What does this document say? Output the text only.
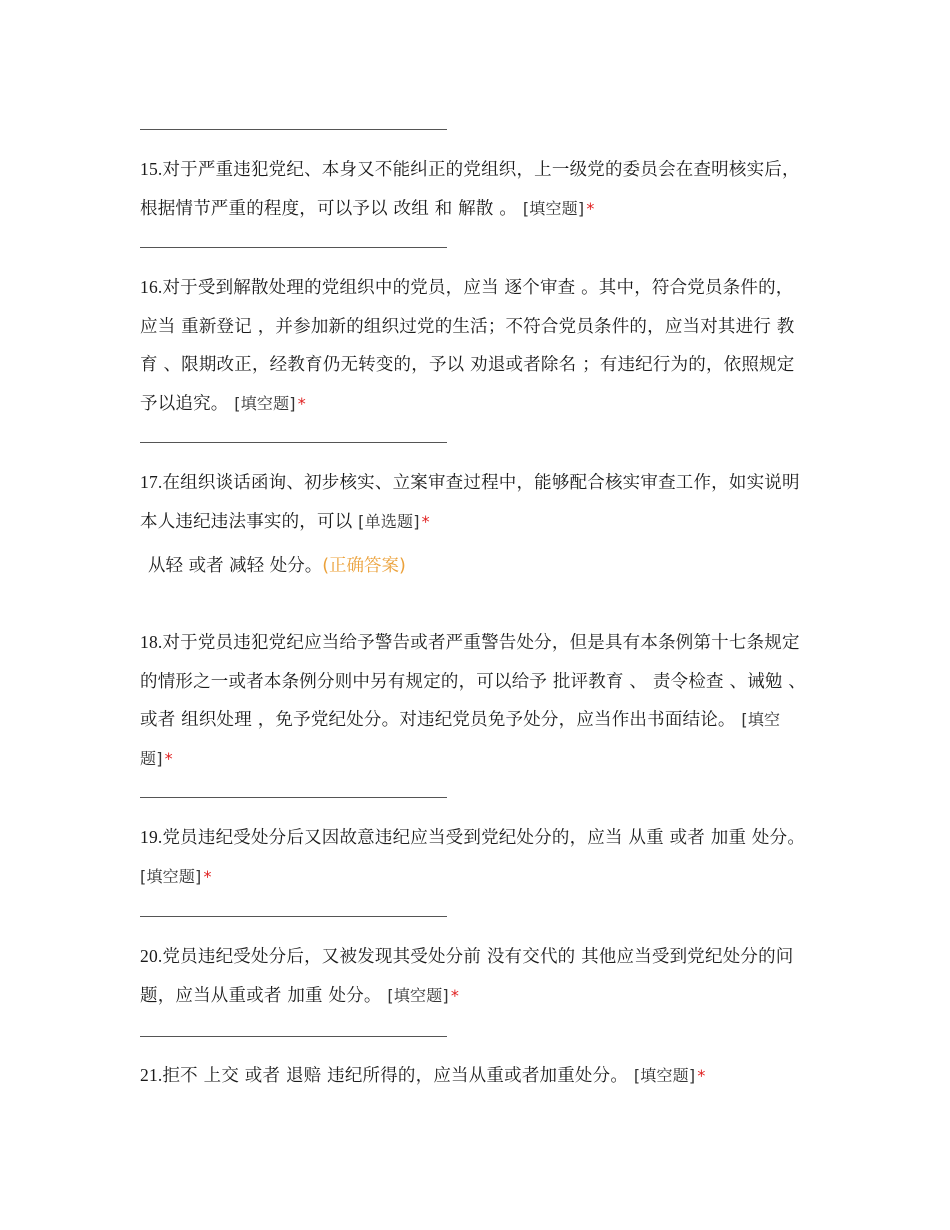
15.对于严重违犯党纪、本身又不能纠正的党组织，上一级党的委员会在查明核实后，根据情节严重的程度，可以予以 改组 和 解散 。 [填空题] *
16.对于受到解散处理的党组织中的党员，应当 逐个审查 。其中，符合党员条件的，应当 重新登记 ，并参加新的组织过党的生活；不符合党员条件的，应当对其进行 教育 、限期改正，经教育仍无转变的，予以 劝退或者除名 ；有违纪行为的，依照规定予以追究。 [填空题] *
17.在组织谈话函询、初步核实、立案审查过程中，能够配合核实审查工作，如实说明本人违纪违法事实的，可以 [单选题] *
从轻 或者 减轻 处分。(正确答案)
18.对于党员违犯党纪应当给予警告或者严重警告处分，但是具有本条例第十七条规定的情形之一或者本条例分则中另有规定的，可以给予 批评教育 、 责令检查 、诫勉 、或者 组织处理 ，免予党纪处分。对违纪党员免予处分，应当作出书面结论。 [填空题] *
19.党员违纪受处分后又因故意违纪应当受到党纪处分的，应当 从重 或者 加重 处分。 [填空题] *
20.党员违纪受处分后，又被发现其受处分前 没有交代的 其他应当受到党纪处分的问题，应当从重或者 加重 处分。 [填空题] *
21.拒不 上交 或者 退赔 违纪所得的，应当从重或者加重处分。 [填空题] *
